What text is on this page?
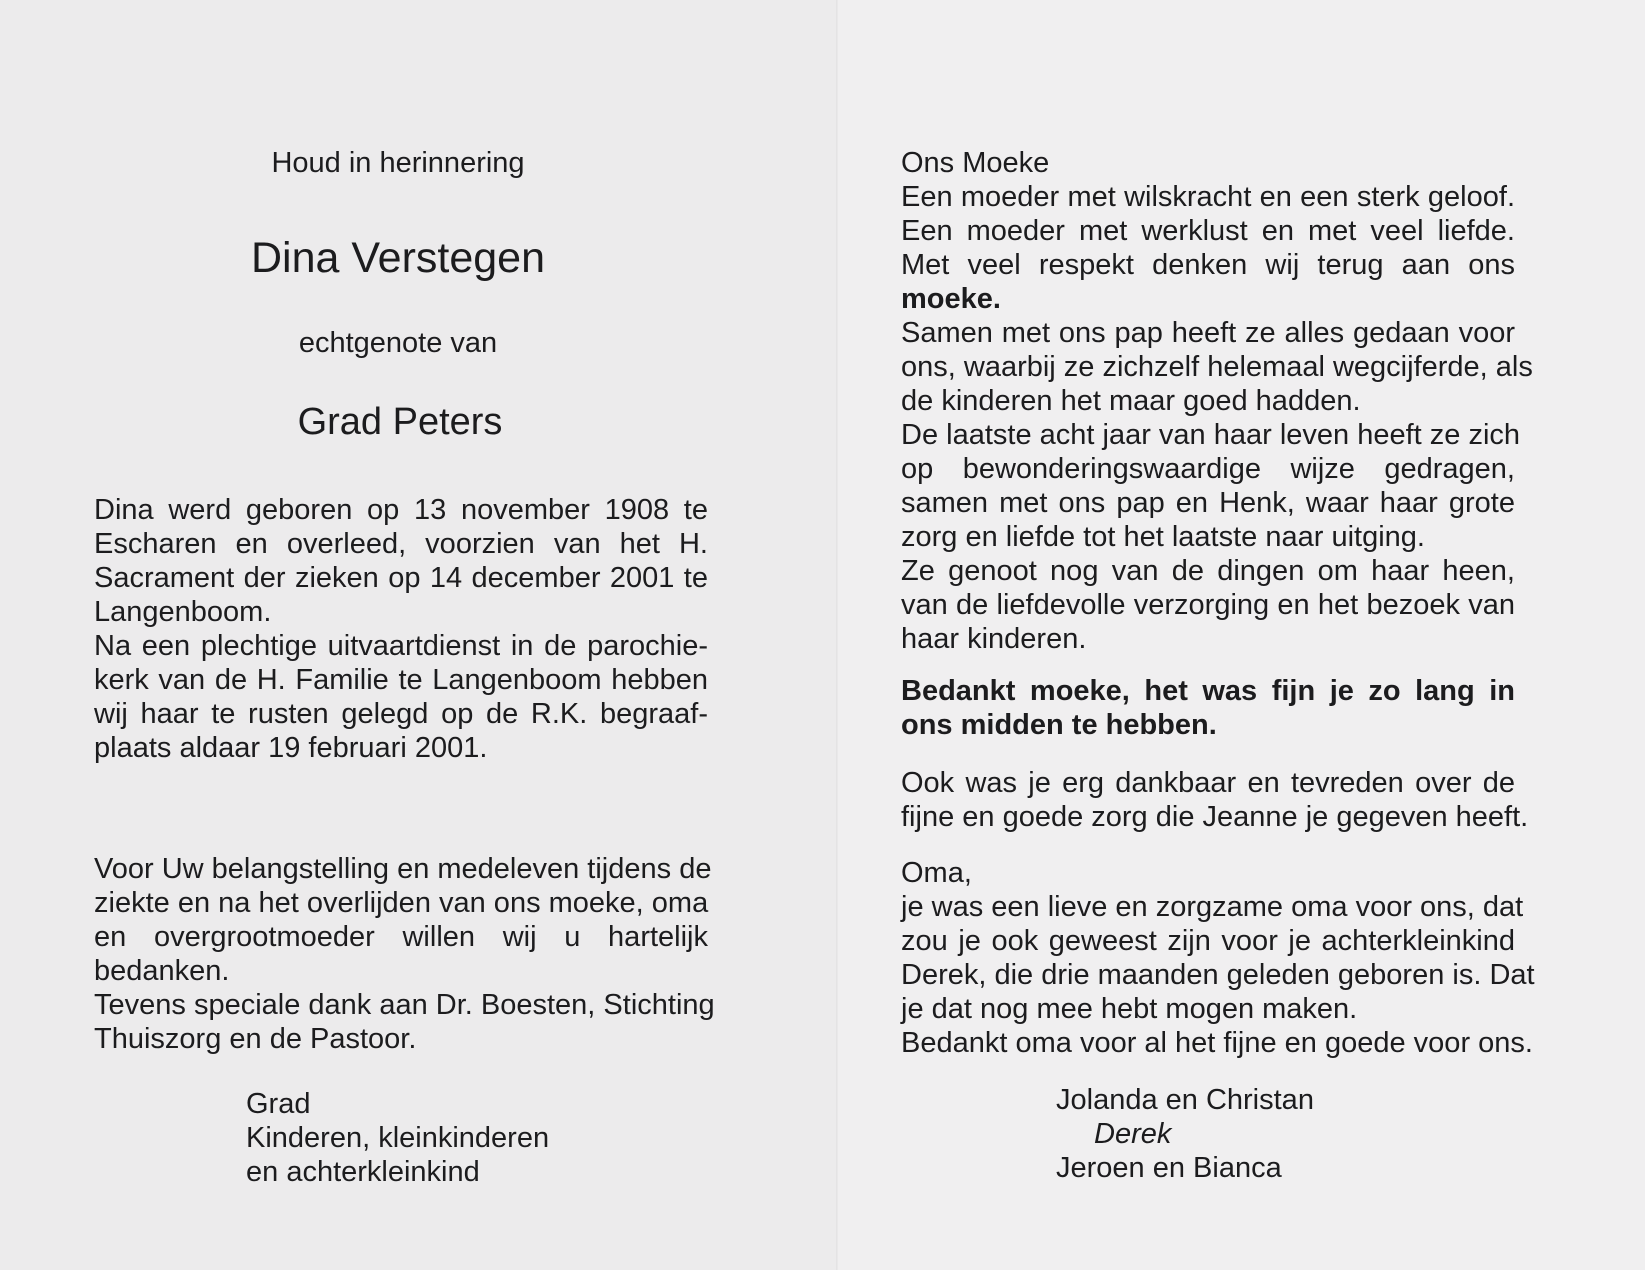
Houd in herinnering
Dina Verstegen
echtgenote van
Grad Peters
Dina werd geboren op 13 november 1908 te
Escharen en overleed, voorzien van het H.
Sacrament der zieken op 14 december 2001 te
Langenboom.
Na een plechtige uitvaartdienst in de parochie-
kerk van de H. Familie te Langenboom hebben
wij haar te rusten gelegd op de R.K. begraaf-
plaats aldaar 19 februari 2001.
Voor Uw belangstelling en medeleven tijdens de
ziekte en na het overlijden van ons moeke, oma
en overgrootmoeder willen wij u hartelijk
bedanken.
Tevens speciale dank aan Dr. Boesten, Stichting
Thuiszorg en de Pastoor.
Grad
Kinderen, kleinkinderen
en achterkleinkind
Ons Moeke
Een moeder met wilskracht en een sterk geloof.
Een moeder met werklust en met veel liefde.
Met veel respekt denken wij terug aan ons
moeke.
Samen met ons pap heeft ze alles gedaan voor
ons, waarbij ze zichzelf helemaal wegcijferde, als
de kinderen het maar goed hadden.
De laatste acht jaar van haar leven heeft ze zich
op bewonderingswaardige wijze gedragen,
samen met ons pap en Henk, waar haar grote
zorg en liefde tot het laatste naar uitging.
Ze genoot nog van de dingen om haar heen,
van de liefdevolle verzorging en het bezoek van
haar kinderen.
Bedankt moeke, het was fijn je zo lang in
ons midden te hebben.
Ook was je erg dankbaar en tevreden over de
fijne en goede zorg die Jeanne je gegeven heeft.
Oma,
je was een lieve en zorgzame oma voor ons, dat
zou je ook geweest zijn voor je achterkleinkind
Derek, die drie maanden geleden geboren is. Dat
je dat nog mee hebt mogen maken.
Bedankt oma voor al het fijne en goede voor ons.
Jolanda en Christan
Derek
Jeroen en Bianca
